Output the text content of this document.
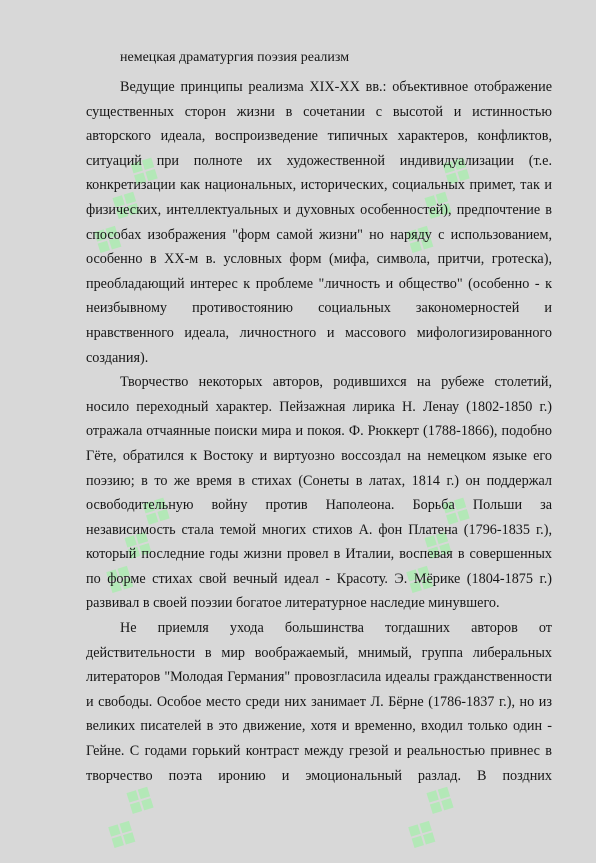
❖❖❖	❖❖❖
❖❖❖	❖❖❖
❖❖	❖❖

немецкая драматургия поэзия реализм

Ведущие принципы реализма XIX-XX вв.: объективное отображение существенных сторон жизни в сочетании с высотой и истинностью авторского идеала, воспроизведение типичных характеров, конфликтов, ситуаций при полноте их художественной индивидуализации (т.е. конкретизации как национальных, исторических, социальных примет, так и физических, интеллектуальных и духовных особенностей), предпочтение в способах изображения "форм самой жизни" но наряду с использованием, особенно в XX-м в. условных форм (мифа, символа, притчи, гротеска), преобладающий интерес к проблеме "личность и общество" (особенно - к неизбывному противостоянию социальных закономерностей и нравственного идеала, личностного и массового мифологизированного создания).

Творчество некоторых авторов, родившихся на рубеже столетий, носило переходный характер. Пейзажная лирика Н. Ленау (1802-1850 г.) отражала отчаянные поиски мира и покоя. Ф. Рюккерт (1788-1866), подобно Гёте, обратился к Востоку и виртуозно воссоздал на немецком языке его поэзию; в то же время в стихах (Сонеты в латах, 1814 г.) он поддержал освободительную войну против Наполеона. Борьба Польши за независимость стала темой многих стихов А. фон Платена (1796-1835 г.), который последние годы жизни провел в Италии, воспевая в совершенных по форме стихах свой вечный идеал - Красоту. Э. Мёрике (1804-1875 г.) развивал в своей поэзии богатое литературное наследие минувшего.

Не приемля ухода большинства тогдашних авторов от действительности в мир воображаемый, мнимый, группа либеральных литераторов "Молодая Германия" провозгласила идеалы гражданственности и свободы. Особое место среди них занимает Л. Бёрне (1786-1837 г.), но из великих писателей в это движение, хотя и временно, входил только один - Гейне. С годами горький контраст между грезой и реальностью привнес в творчество поэта иронию и эмоциональный разлад. В поздних
